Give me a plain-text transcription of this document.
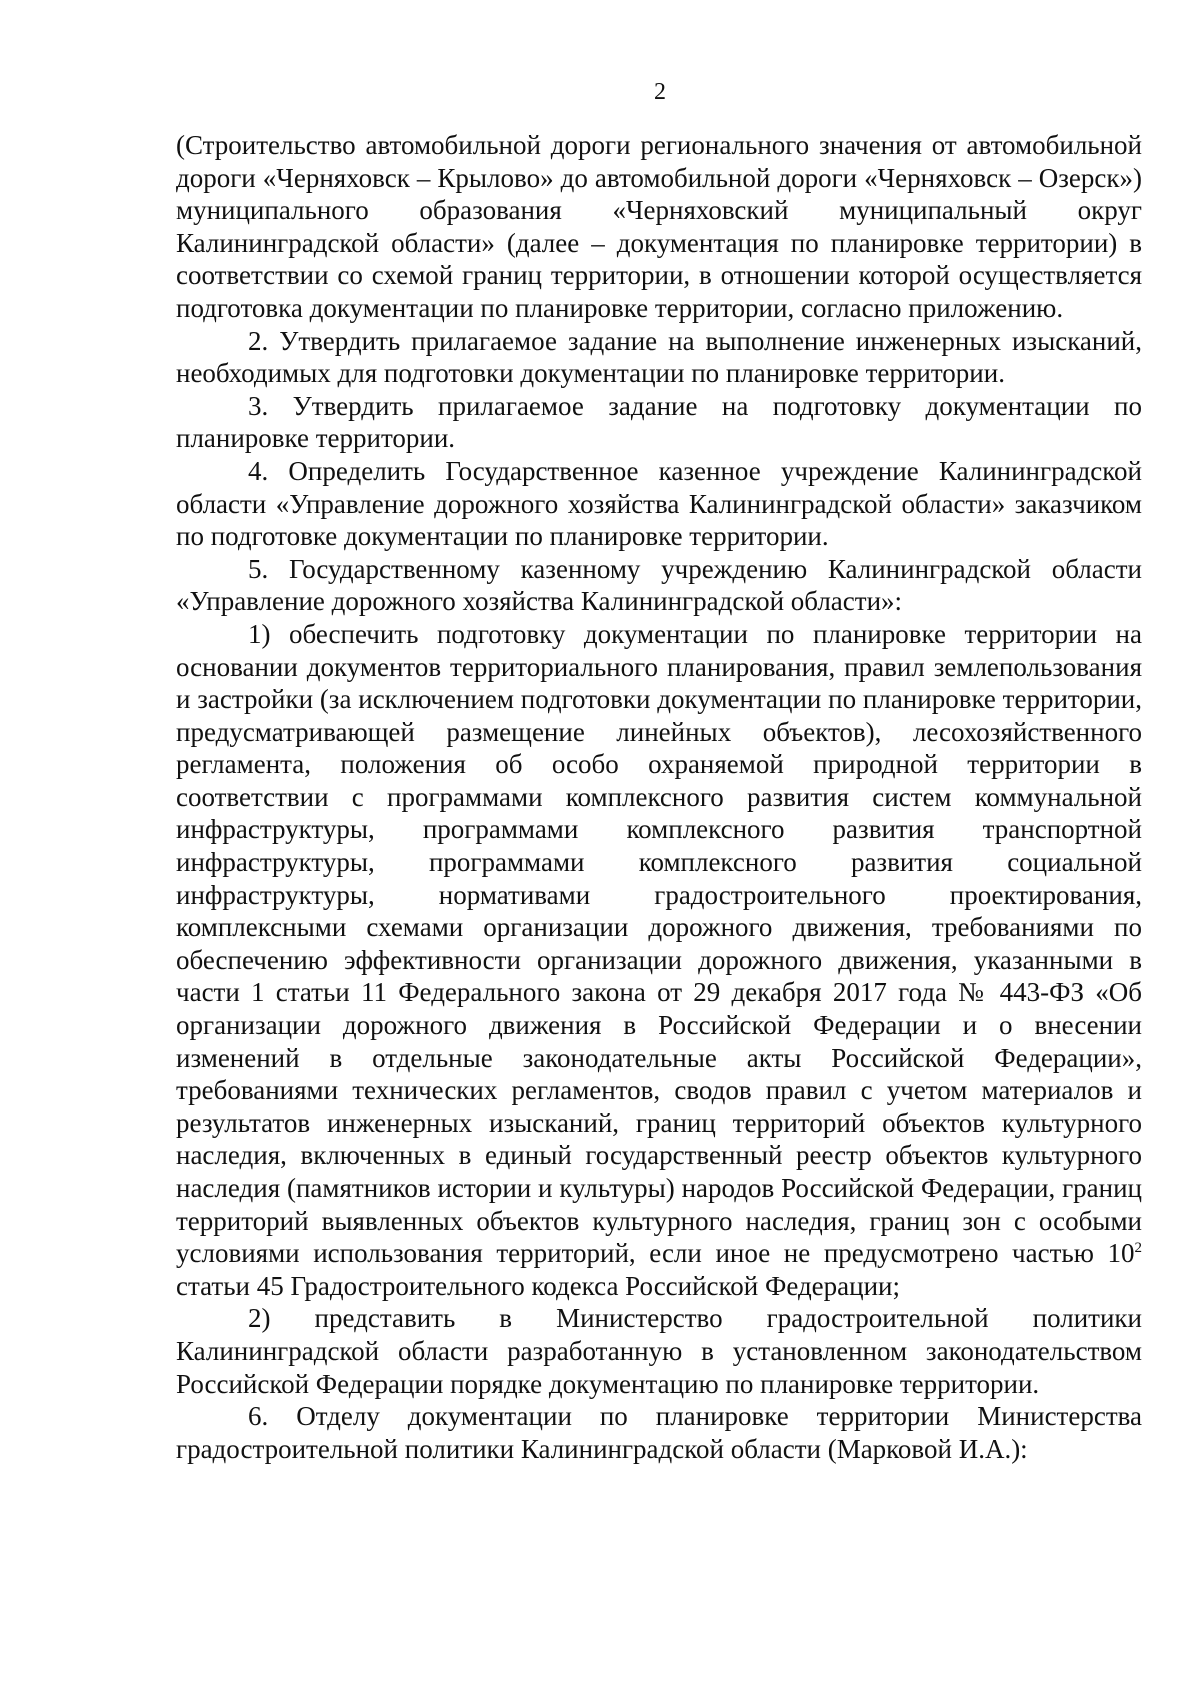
2

(Строительство автомобильной дороги регионального значения от автомобильной дороги «Черняховск – Крылово» до автомобильной дороги «Черняховск – Озерск») муниципального образования «Черняховский муниципальный округ Калининградской области» (далее – документация по планировке территории) в соответствии со схемой границ территории, в отношении которой осуществляется подготовка документации по планировке территории, согласно приложению.

2. Утвердить прилагаемое задание на выполнение инженерных изысканий, необходимых для подготовки документации по планировке территории.

3. Утвердить прилагаемое задание на подготовку документации по планировке территории.

4. Определить Государственное казенное учреждение Калининградской области «Управление дорожного хозяйства Калининградской области» заказчиком по подготовке документации по планировке территории.

5. Государственному казенному учреждению Калининградской области «Управление дорожного хозяйства Калининградской области»:

1) обеспечить подготовку документации по планировке территории на основании документов территориального планирования, правил землепользования и застройки (за исключением подготовки документации по планировке территории, предусматривающей размещение линейных объектов), лесохозяйственного регламента, положения об особо охраняемой природной территории в соответствии с программами комплексного развития систем коммунальной инфраструктуры, программами комплексного развития транспортной инфраструктуры, программами комплексного развития социальной инфраструктуры, нормативами градостроительного проектирования, комплексными схемами организации дорожного движения, требованиями по обеспечению эффективности организации дорожного движения, указанными в части 1 статьи 11 Федерального закона от 29 декабря 2017 года № 443-ФЗ «Об организации дорожного движения в Российской Федерации и о внесении изменений в отдельные законодательные акты Российской Федерации», требованиями технических регламентов, сводов правил с учетом материалов и результатов инженерных изысканий, границ территорий объектов культурного наследия, включенных в единый государственный реестр объектов культурного наследия (памятников истории и культуры) народов Российской Федерации, границ территорий выявленных объектов культурного наследия, границ зон с особыми условиями использования территорий, если иное не предусмотрено частью $10^2$ статьи 45 Градостроительного кодекса Российской Федерации;

2) представить в Министерство градостроительной политики Калининградской области разработанную в установленном законодательством Российской Федерации порядке документацию по планировке территории.

6. Отделу документации по планировке территории Министерства градостроительной политики Калининградской области (Марковой И.А.):
